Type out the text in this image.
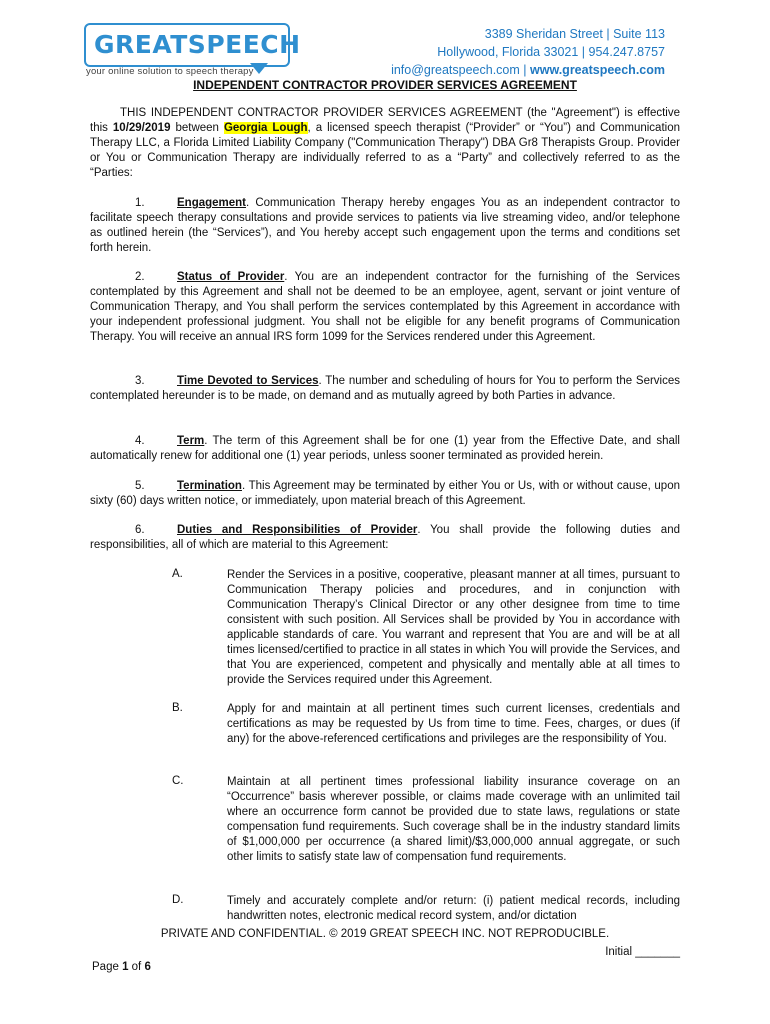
GREATSPEECH
your online solution to speech therapy
3389 Sheridan Street | Suite 113
Hollywood, Florida 33021 | 954.247.8757
info@greatspeech.com | www.greatspeech.com
INDEPENDENT CONTRACTOR PROVIDER SERVICES AGREEMENT

THIS INDEPENDENT CONTRACTOR PROVIDER SERVICES AGREEMENT (the "Agreement") is effective this 10/29/2019 between Georgia Lough, a licensed speech therapist (“Provider” or “You”) and Communication Therapy LLC, a Florida Limited Liability Company ("Communication Therapy") DBA Gr8 Therapists Group. Provider or You or Communication Therapy are individually referred to as a “Party” and collectively referred to as the “Parties:

1.	Engagement. Communication Therapy hereby engages You as an independent contractor to facilitate speech therapy consultations and provide services to patients via live streaming video, and/or telephone as outlined herein (the “Services”), and You hereby accept such engagement upon the terms and conditions set forth herein.

2.	Status of Provider. You are an independent contractor for the furnishing of the Services contemplated by this Agreement and shall not be deemed to be an employee, agent, servant or joint venture of Communication Therapy, and You shall perform the services contemplated by this Agreement in accordance with your independent professional judgment. You shall not be eligible for any benefit programs of Communication Therapy. You will receive an annual IRS form 1099 for the Services rendered under this Agreement.

3.	Time Devoted to Services. The number and scheduling of hours for You to perform the Services contemplated hereunder is to be made, on demand and as mutually agreed by both Parties in advance.

4.	Term. The term of this Agreement shall be for one (1) year from the Effective Date, and shall automatically renew for additional one (1) year periods, unless sooner terminated as provided herein.

5.	Termination. This Agreement may be terminated by either You or Us, with or without cause, upon sixty (60) days written notice, or immediately, upon material breach of this Agreement.

6.	Duties and Responsibilities of Provider. You shall provide the following duties and responsibilities, all of which are material to this Agreement:

A.	Render the Services in a positive, cooperative, pleasant manner at all times, pursuant to Communication Therapy policies and procedures, and in conjunction with Communication Therapy’s Clinical Director or any other designee from time to time consistent with such position. All Services shall be provided by You in accordance with applicable standards of care. You warrant and represent that You are and will be at all times licensed/certified to practice in all states in which You will provide the Services, and that You are experienced, competent and physically and mentally able at all times to provide the Services required under this Agreement.

B.	Apply for and maintain at all pertinent times such current licenses, credentials and certifications as may be requested by Us from time to time. Fees, charges, or dues (if any) for the above-referenced certifications and privileges are the responsibility of You.

C.	Maintain at all pertinent times professional liability insurance coverage on an “Occurrence” basis wherever possible, or claims made coverage with an unlimited tail where an occurrence form cannot be provided due to state laws, regulations or state compensation fund requirements. Such coverage shall be in the industry standard limits of $1,000,000 per occurrence (a shared limit)/$3,000,000 annual aggregate, or such other limits to satisfy state law of compensation fund requirements.

D.	Timely and accurately complete and/or return: (i) patient medical records, including handwritten notes, electronic medical record system, and/or dictation

PRIVATE AND CONFIDENTIAL. © 2019 GREAT SPEECH INC. NOT REPRODUCIBLE.
Initial _______
Page 1 of 6
